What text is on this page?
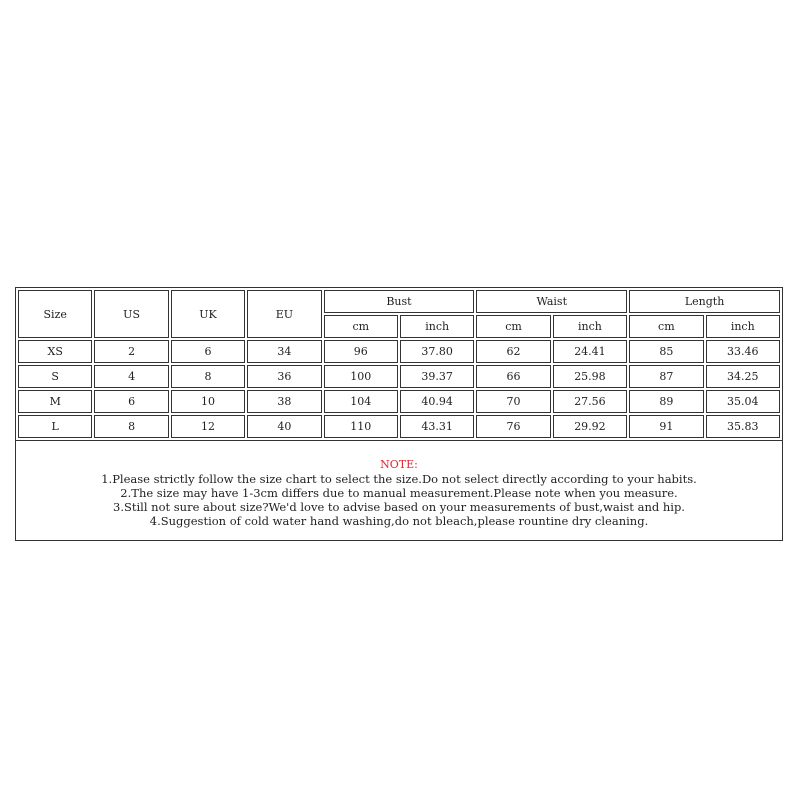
Size	US	UK	EU	Bust		Waist		Length	
				cm	inch	cm	inch	cm	inch
XS	2	6	34	96	37.80	62	24.41	85	33.46
S	4	8	36	100	39.37	66	25.98	87	34.25
M	6	10	38	104	40.94	70	27.56	89	35.04
L	8	12	40	110	43.31	76	29.92	91	35.83
NOTE:
1.Please strictly follow the size chart to select the size.Do not select directly according to your habits.
2.The size may have 1-3cm differs due to manual measurement.Please note when you measure.
3.Still not sure about size?We'd love to advise based on your measurements of bust,waist and hip.
4.Suggestion of cold water hand washing,do not bleach,please rountine dry cleaning.
